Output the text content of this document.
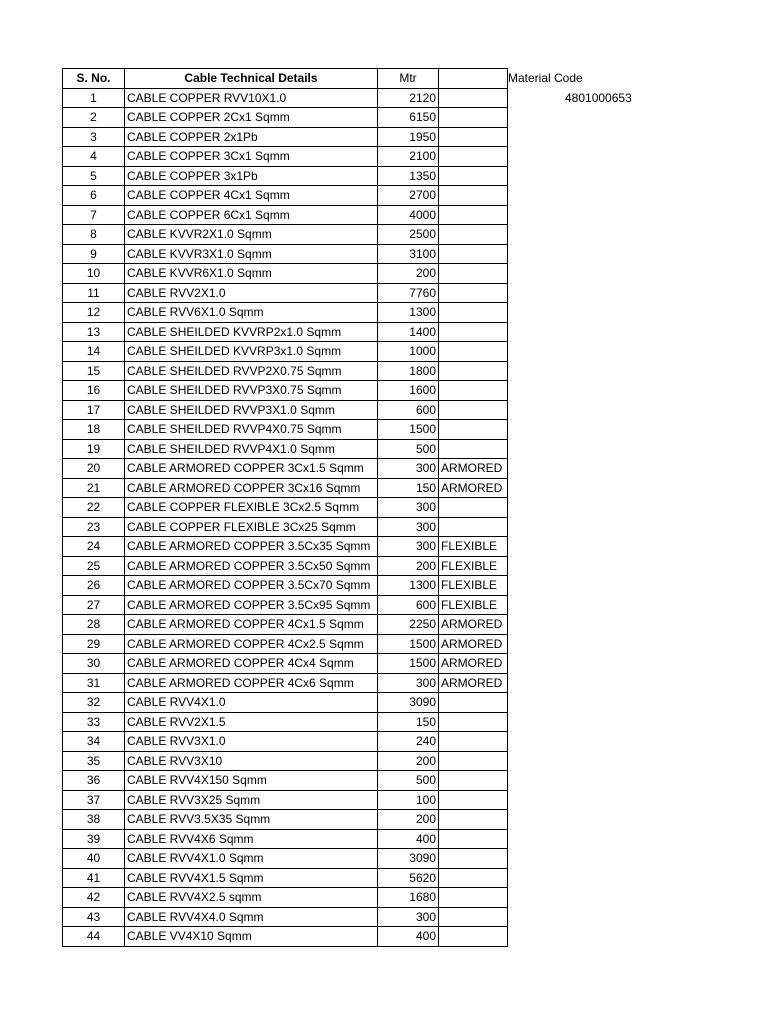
S. No.	Cable Technical Details	Mtr	
1	CABLE COPPER RVV10X1.0	2120	
2	CABLE COPPER 2Cx1 Sqmm	6150	
3	CABLE COPPER 2x1Pb	1950	
4	CABLE COPPER 3Cx1 Sqmm	2100	
5	CABLE COPPER 3x1Pb	1350	
6	CABLE COPPER 4Cx1 Sqmm	2700	
7	CABLE COPPER 6Cx1 Sqmm	4000	
8	CABLE KVVR2X1.0 Sqmm	2500	
9	CABLE KVVR3X1.0 Sqmm	3100	
10	CABLE KVVR6X1.0 Sqmm	200	
11	CABLE RVV2X1.0	7760	
12	CABLE RVV6X1.0 Sqmm	1300	
13	CABLE SHEILDED KVVRP2x1.0 Sqmm	1400	
14	CABLE SHEILDED KVVRP3x1.0 Sqmm	1000	
15	CABLE SHEILDED RVVP2X0.75 Sqmm	1800	
16	CABLE SHEILDED RVVP3X0.75 Sqmm	1600	
17	CABLE SHEILDED RVVP3X1.0 Sqmm	600	
18	CABLE SHEILDED RVVP4X0.75 Sqmm	1500	
19	CABLE SHEILDED RVVP4X1.0 Sqmm	500	
20	CABLE ARMORED COPPER 3Cx1.5 Sqmm	300	ARMORED
21	CABLE ARMORED COPPER 3Cx16 Sqmm	150	ARMORED
22	CABLE COPPER FLEXIBLE 3Cx2.5 Sqmm	300	
23	CABLE COPPER FLEXIBLE 3Cx25 Sqmm	300	
24	CABLE ARMORED COPPER 3.5Cx35 Sqmm	300	FLEXIBLE
25	CABLE ARMORED COPPER 3.5Cx50 Sqmm	200	FLEXIBLE
26	CABLE ARMORED COPPER 3.5Cx70 Sqmm	1300	FLEXIBLE
27	CABLE ARMORED COPPER 3.5Cx95 Sqmm	600	FLEXIBLE
28	CABLE ARMORED COPPER 4Cx1.5 Sqmm	2250	ARMORED
29	CABLE ARMORED COPPER 4Cx2.5 Sqmm	1500	ARMORED
30	CABLE ARMORED COPPER 4Cx4 Sqmm	1500	ARMORED
31	CABLE ARMORED COPPER 4Cx6 Sqmm	300	ARMORED
32	CABLE RVV4X1.0	3090	
33	CABLE RVV2X1.5	150	
34	CABLE RVV3X1.0	240	
35	CABLE RVV3X10	200	
36	CABLE RVV4X150 Sqmm	500	
37	CABLE RVV3X25 Sqmm	100	
38	CABLE RVV3.5X35 Sqmm	200	
39	CABLE RVV4X6 Sqmm	400	
40	CABLE RVV4X1.0 Sqmm	3090	
41	CABLE RVV4X1.5 Sqmm	5620	
42	CABLE RVV4X2.5 sqmm	1680	
43	CABLE RVV4X4.0 Sqmm	300	
44	CABLE VV4X10 Sqmm	400	
Material Code
4801000653
